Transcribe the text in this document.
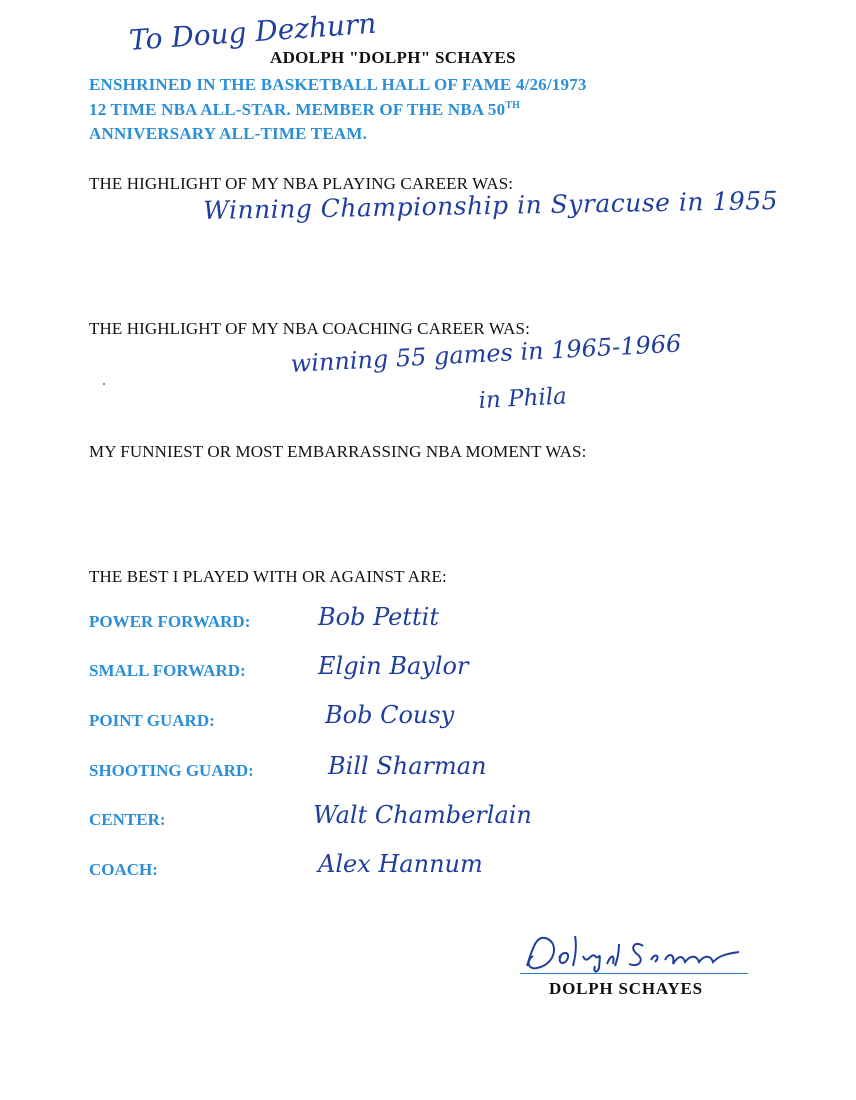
To Doug Dezhurn
ADOLPH "DOLPH" SCHAYES
ENSHRINED IN THE BASKETBALL HALL OF FAME 4/26/1973
12 TIME NBA ALL-STAR. MEMBER OF THE NBA 50TH
ANNIVERSARY ALL-TIME TEAM.
THE HIGHLIGHT OF MY NBA PLAYING CAREER WAS:
Winning Championship in Syracuse in 1955
THE HIGHLIGHT OF MY NBA COACHING CAREER WAS:
winning 55 games in 1965-1966
in Phila
MY FUNNIEST OR MOST EMBARRASSING NBA MOMENT WAS:
THE BEST I PLAYED WITH OR AGAINST ARE:
POWER FORWARD:	Bob Pettit
SMALL FORWARD:	Elgin Baylor
POINT GUARD:	Bob Cousy
SHOOTING GUARD:	Bill Sharman
CENTER:	Walt Chamberlain
COACH:	Alex Hannum
DOLPH SCHAYES
